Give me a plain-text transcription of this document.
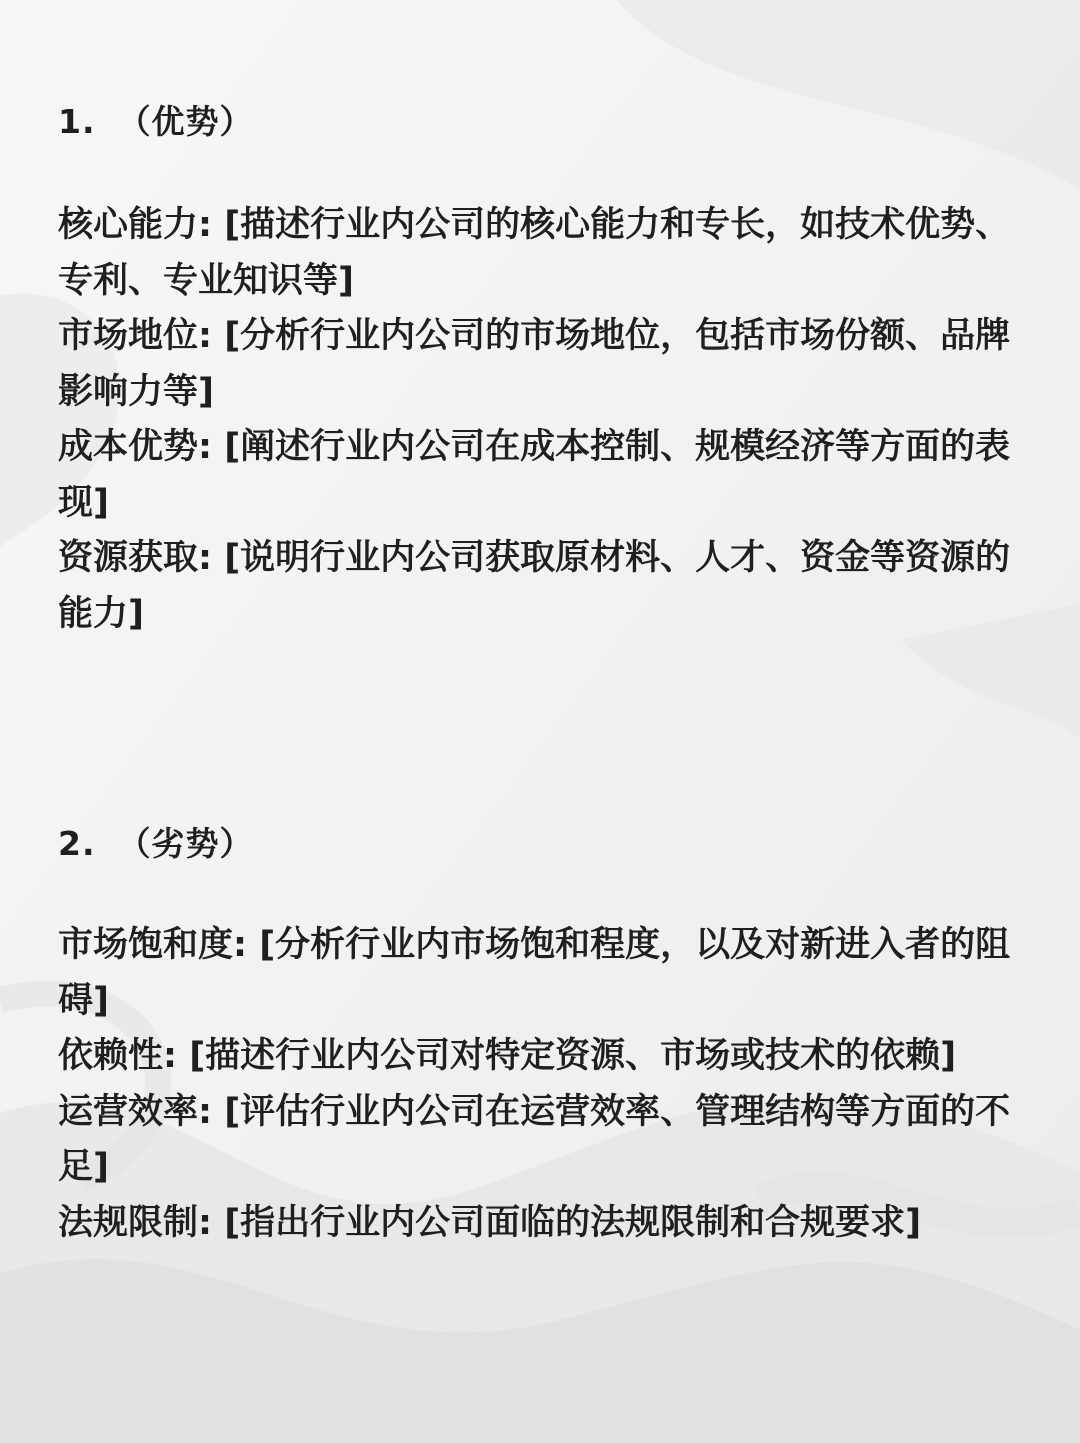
1. （优势）

核心能力: [描述行业内公司的核心能力和专长，如技术优势、专利、专业知识等]

市场地位: [分析行业内公司的市场地位，包括市场份额、品牌影响力等]

成本优势: [阐述行业内公司在成本控制、规模经济等方面的表现]

资源获取: [说明行业内公司获取原材料、人才、资金等资源的能力]

2. （劣势）

市场饱和度: [分析行业内市场饱和程度，以及对新进入者的阻碍]

依赖性: [描述行业内公司对特定资源、市场或技术的依赖]

运营效率: [评估行业内公司在运营效率、管理结构等方面的不足]

法规限制: [指出行业内公司面临的法规限制和合规要求]
